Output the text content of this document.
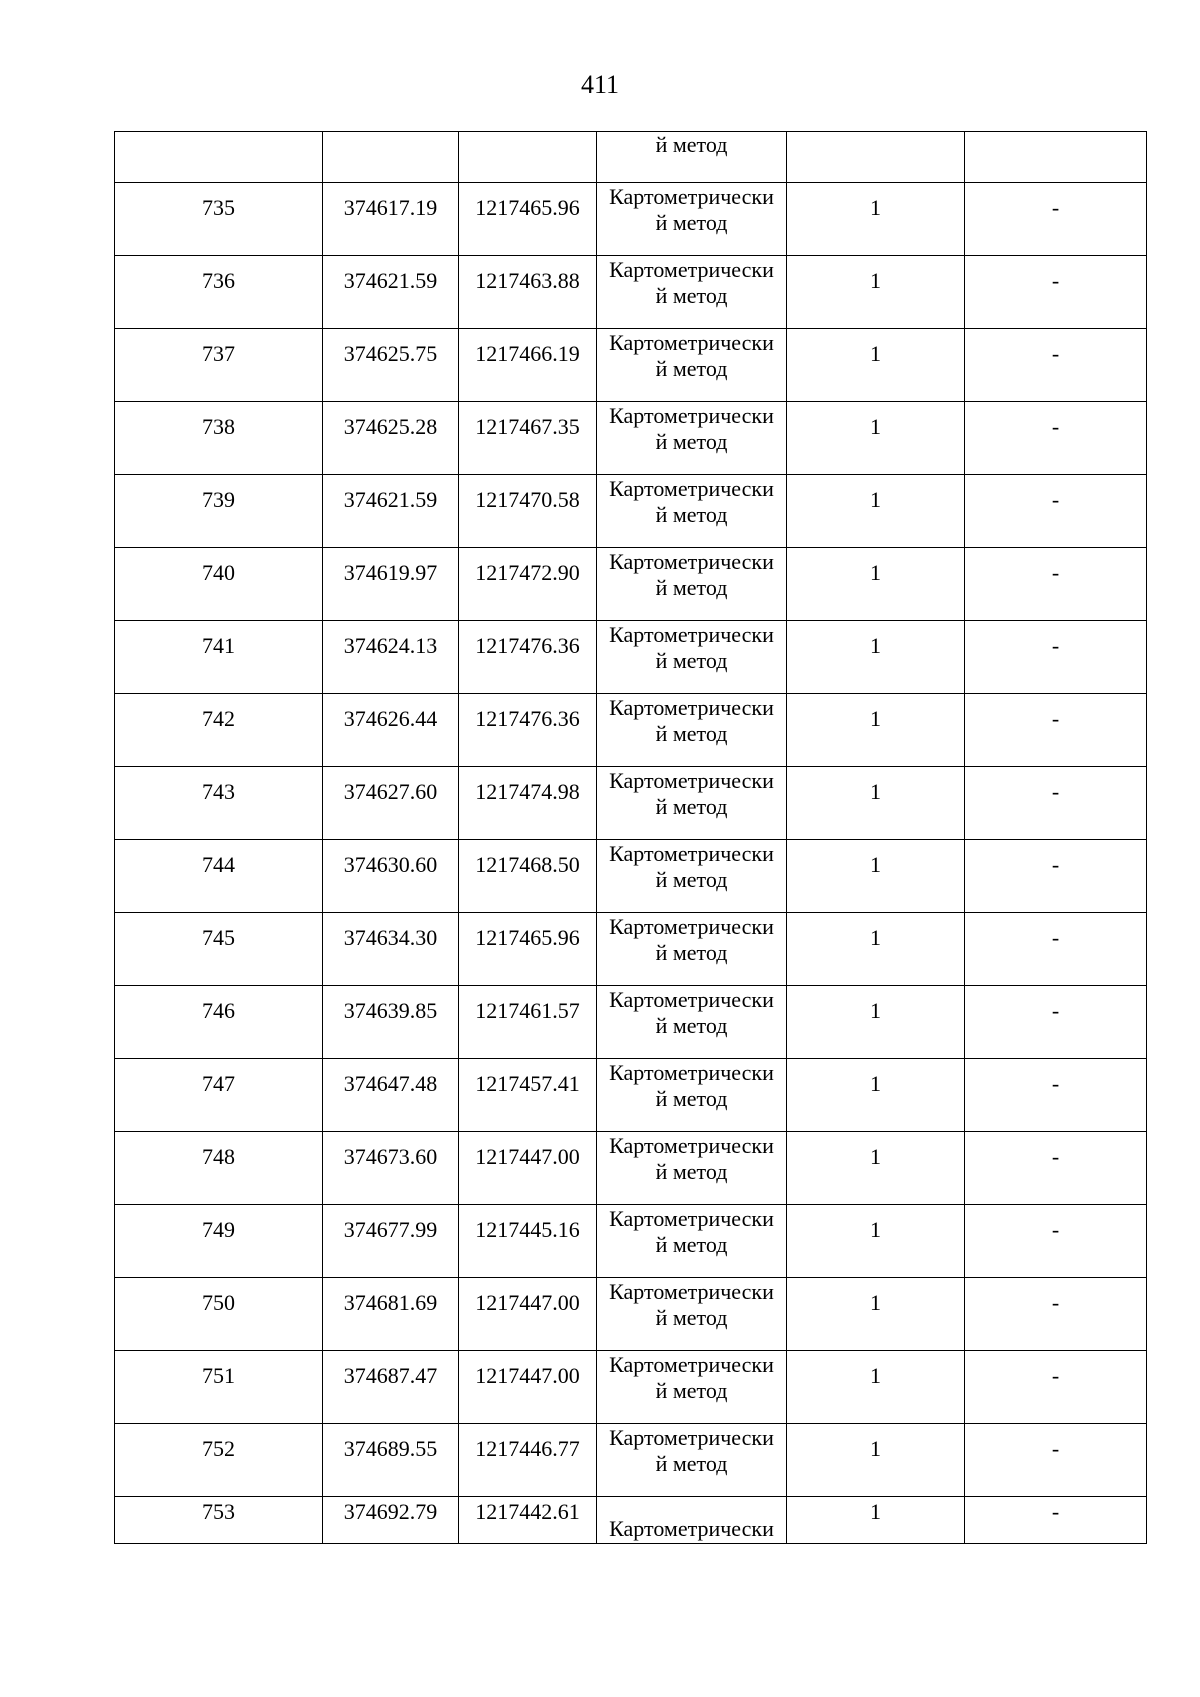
411

			й метод		

735	374617.19	1217465.96	Картометрически
й метод	1	-
736	374621.59	1217463.88	Картометрически
й метод	1	-
737	374625.75	1217466.19	Картометрически
й метод	1	-
738	374625.28	1217467.35	Картометрически
й метод	1	-
739	374621.59	1217470.58	Картометрически
й метод	1	-
740	374619.97	1217472.90	Картометрически
й метод	1	-
741	374624.13	1217476.36	Картометрически
й метод	1	-
742	374626.44	1217476.36	Картометрически
й метод	1	-
743	374627.60	1217474.98	Картометрически
й метод	1	-
744	374630.60	1217468.50	Картометрически
й метод	1	-
745	374634.30	1217465.96	Картометрически
й метод	1	-
746	374639.85	1217461.57	Картометрически
й метод	1	-
747	374647.48	1217457.41	Картометрически
й метод	1	-
748	374673.60	1217447.00	Картометрически
й метод	1	-
749	374677.99	1217445.16	Картометрически
й метод	1	-
750	374681.69	1217447.00	Картометрически
й метод	1	-
751	374687.47	1217447.00	Картометрически
й метод	1	-
752	374689.55	1217446.77	Картометрически
й метод	1	-
753	374692.79	1217442.61	Картометрически	1	-
